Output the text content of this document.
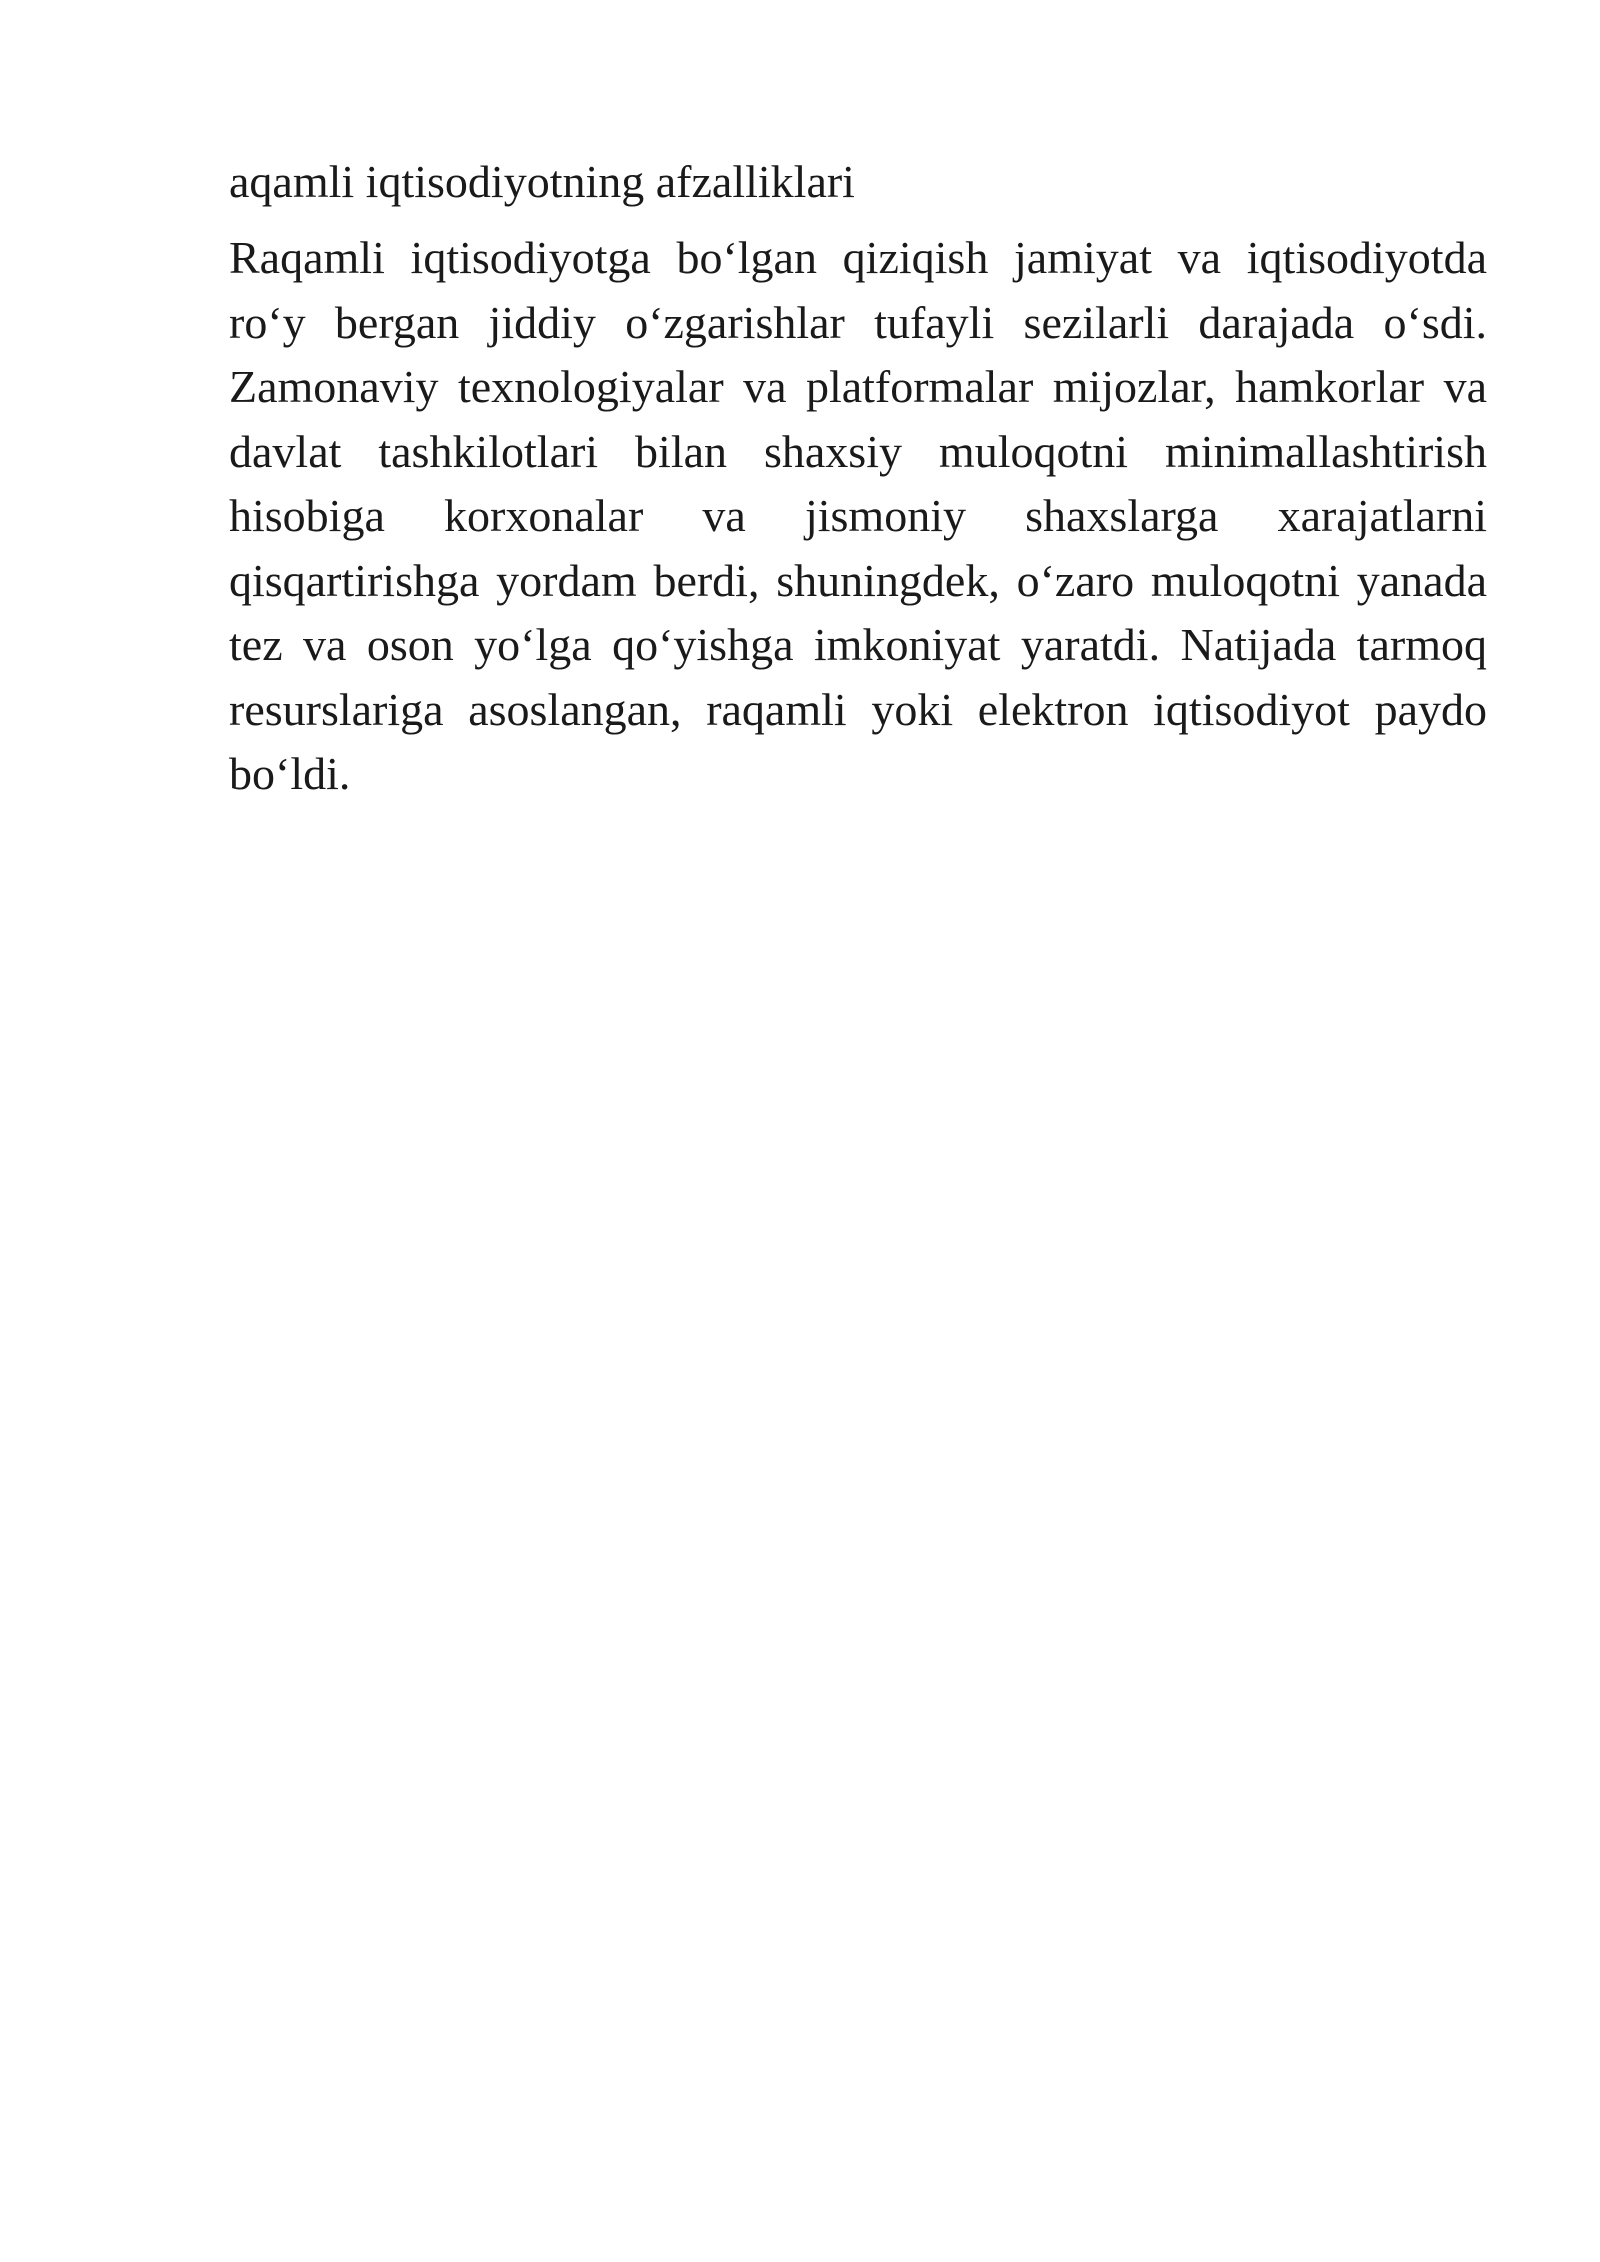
aqamli iqtisodiyotning afzalliklari

Raqamli iqtisodiyotga bo‘lgan qiziqish jamiyat va iqtisodiyotda ro‘y bergan jiddiy o‘zgarishlar tufayli sezilarli darajada o‘sdi. Zamonaviy texnologiyalar va platformalar mijozlar, hamkorlar va davlat tashkilotlari bilan shaxsiy muloqotni minimallashtirish hisobiga korxonalar va jismoniy shaxslarga xarajatlarni qisqartirishga yordam berdi, shuningdek, o‘zaro muloqotni yanada tez va oson yo‘lga qo‘yishga imkoniyat yaratdi. Natijada tarmoq resurslariga asoslangan, raqamli yoki elektron iqtisodiyot paydo bo‘ldi.
